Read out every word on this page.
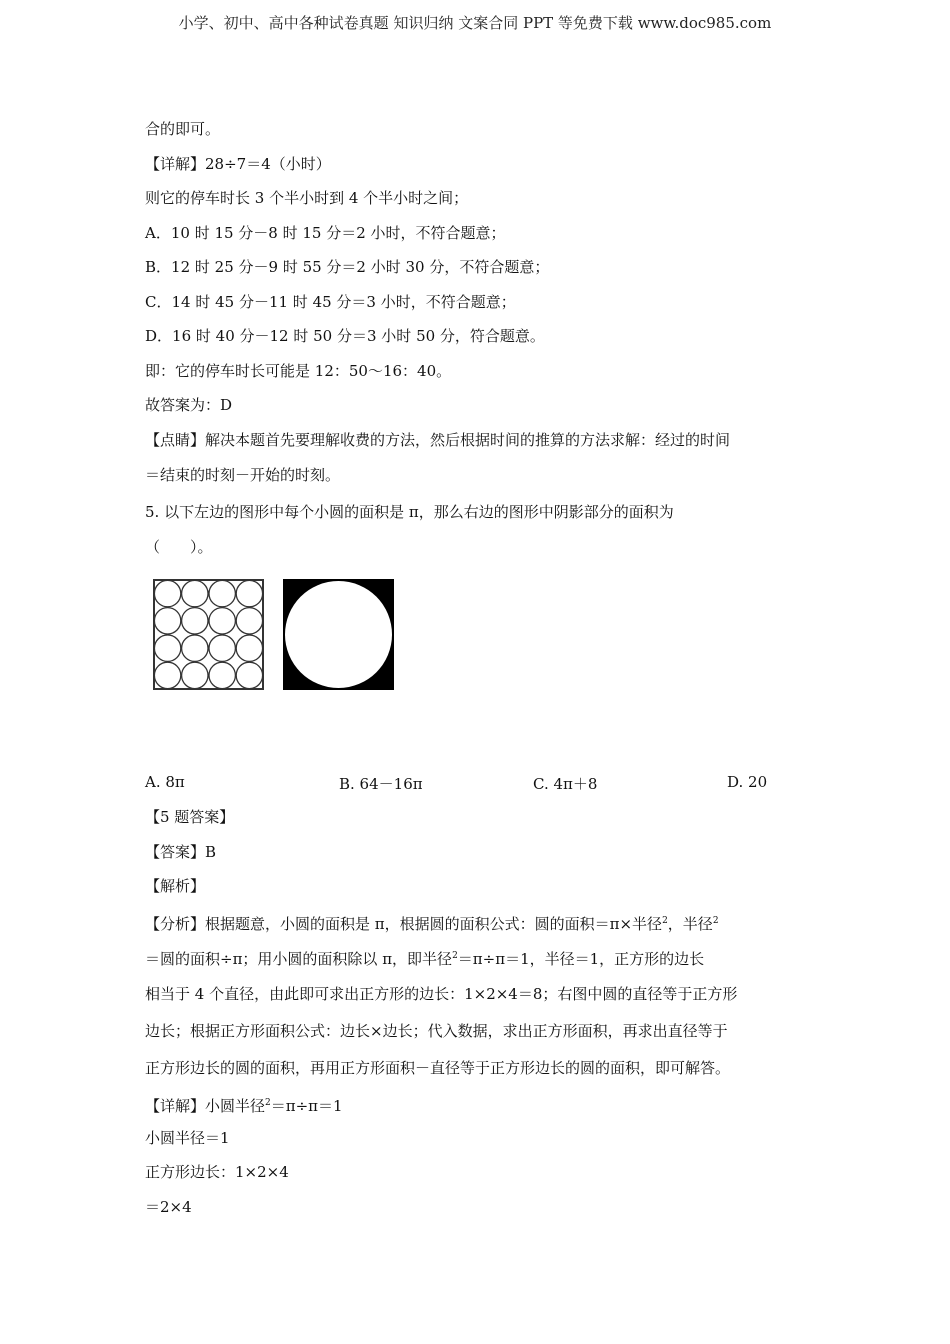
小学、初中、高中各种试卷真题 知识归纳 文案合同 PPT 等免费下载 www.doc985.com
合的即可。
【详解】28÷7＝4（小时）
则它的停车时长 3 个半小时到 4 个半小时之间；
A．10 时 15 分－8 时 15 分＝2 小时，不符合题意；
B．12 时 25 分－9 时 55 分＝2 小时 30 分，不符合题意；
C．14 时 45 分－11 时 45 分＝3 小时，不符合题意；
D．16 时 40 分－12 时 50 分＝3 小时 50 分，符合题意。
即：它的停车时长可能是 12：50～16：40。
故答案为：D
【点睛】解决本题首先要理解收费的方法，然后根据时间的推算的方法求解：经过的时间
＝结束的时刻－开始的时刻。
5. 以下左边的图形中每个小圆的面积是 π，那么右边的图形中阴影部分的面积为
（　　）。
A. 8π	B. 64－16π	C. 4π＋8	D. 20
【5 题答案】
【答案】B
【解析】
【分析】根据题意，小圆的面积是 π，根据圆的面积公式：圆的面积＝π×半径$^2$，半径$^2$
＝圆的面积÷π；用小圆的面积除以 π，即半径$^2$＝π÷π＝1，半径＝1，正方形的边长
相当于 4 个直径，由此即可求出正方形的边长：1×2×4＝8；右图中圆的直径等于正方形
边长；根据正方形面积公式：边长×边长；代入数据，求出正方形面积，再求出直径等于
正方形边长的圆的面积，再用正方形面积－直径等于正方形边长的圆的面积，即可解答。
【详解】小圆半径$^2$＝π÷π＝1
小圆半径＝1
正方形边长：1×2×4
＝2×4
